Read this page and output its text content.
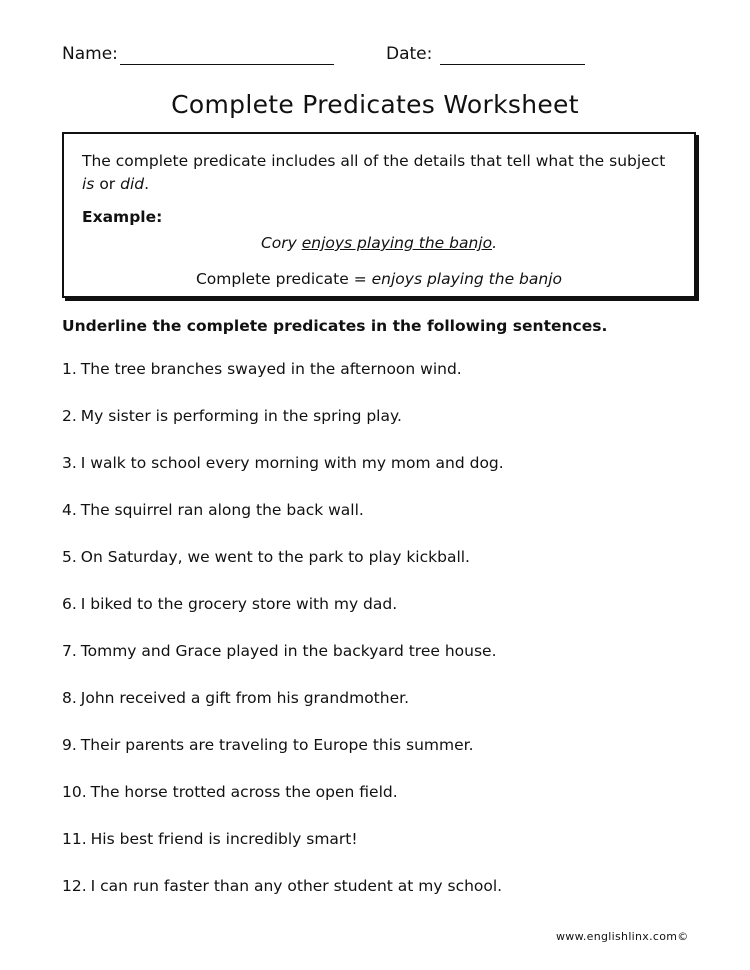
Name:	Date:
Complete Predicates Worksheet
The complete predicate includes all of the details that tell what the subject is or did.
Example:
Cory enjoys playing the banjo.
Complete predicate = enjoys playing the banjo
Underline the complete predicates in the following sentences.
1. The tree branches swayed in the afternoon wind.
2. My sister is performing in the spring play.
3. I walk to school every morning with my mom and dog.
4. The squirrel ran along the back wall.
5. On Saturday, we went to the park to play kickball.
6. I biked to the grocery store with my dad.
7. Tommy and Grace played in the backyard tree house.
8. John received a gift from his grandmother.
9. Their parents are traveling to Europe this summer.
10. The horse trotted across the open field.
11. His best friend is incredibly smart!
12. I can run faster than any other student at my school.
www.englishlinx.com©
